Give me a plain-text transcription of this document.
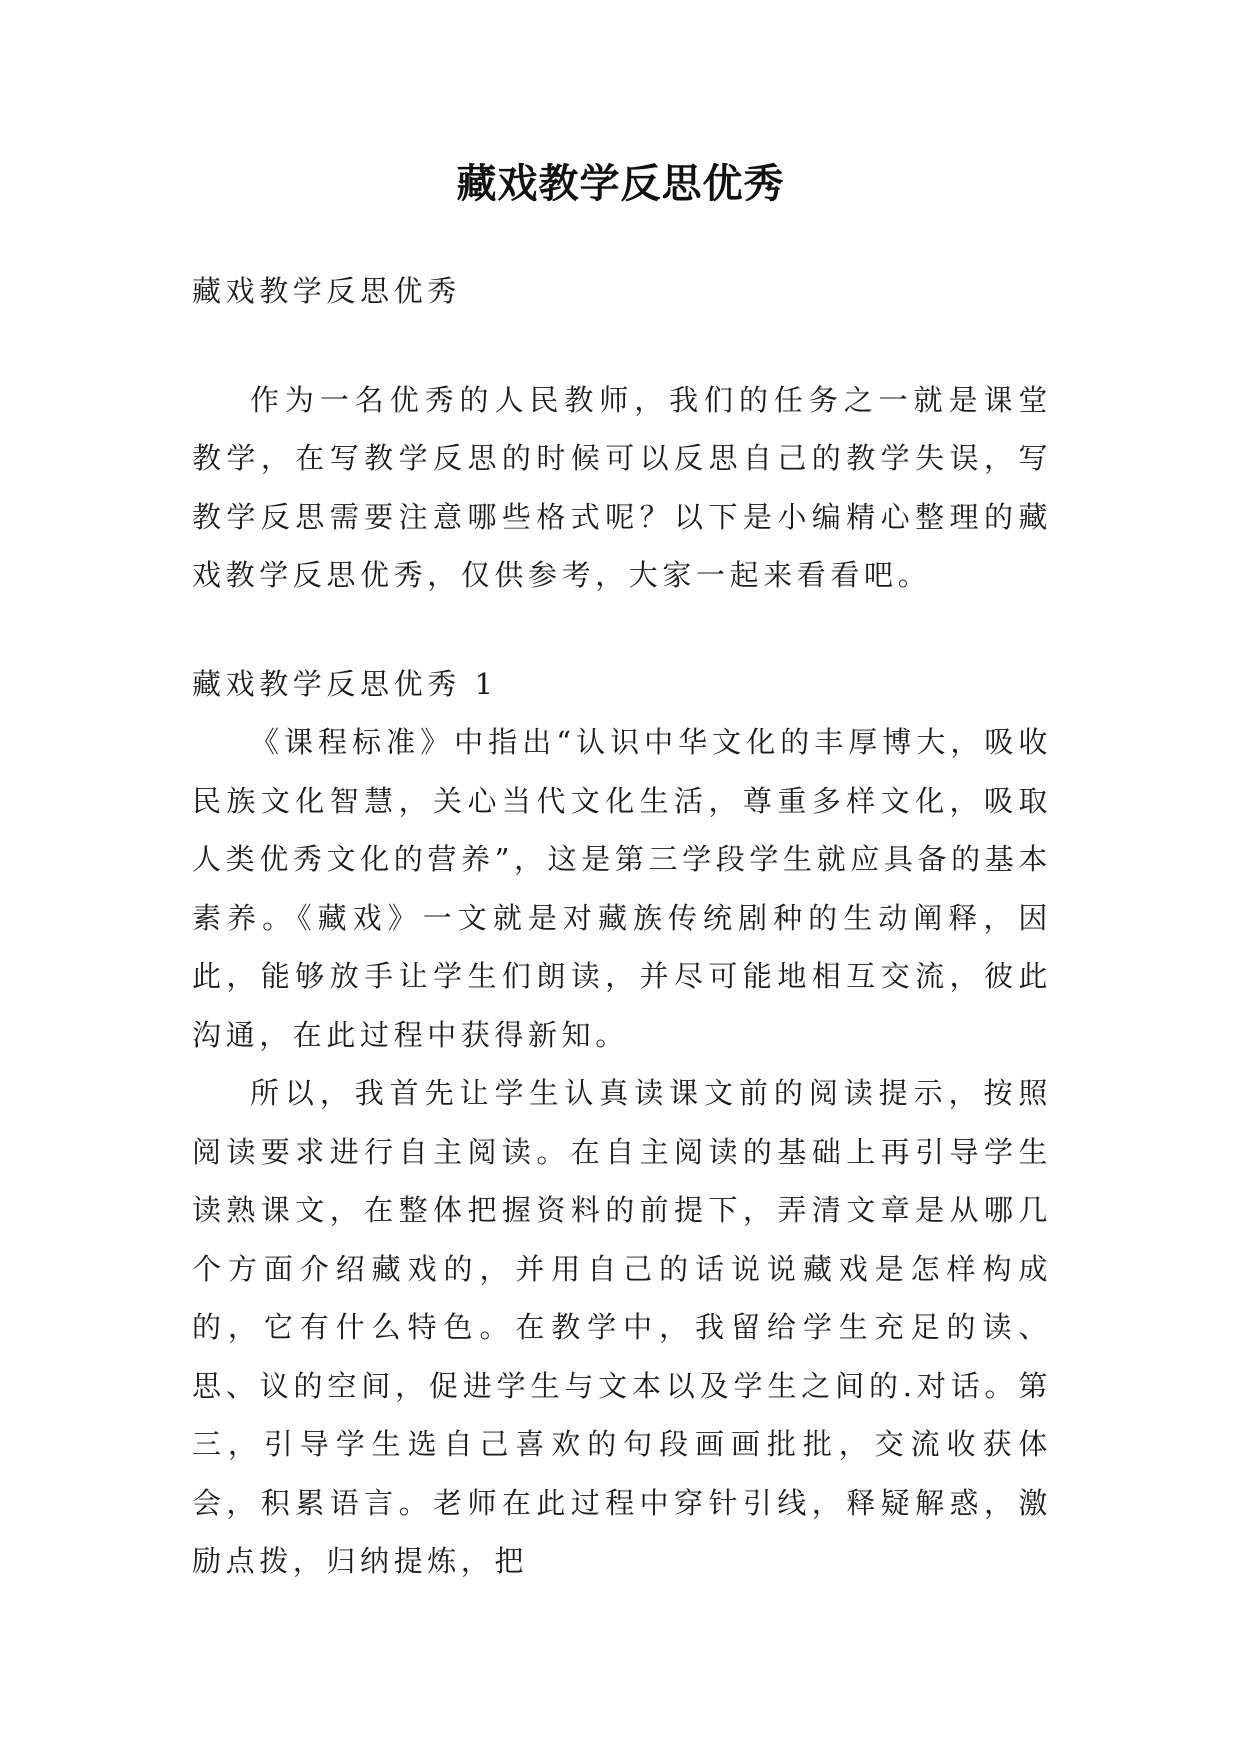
藏戏教学反思优秀

藏戏教学反思优秀

作为一名优秀的人民教师，我们的任务之一就是课堂教学，在写教学反思的时候可以反思自己的教学失误，写教学反思需要注意哪些格式呢？以下是小编精心整理的藏戏教学反思优秀，仅供参考，大家一起来看看吧。

藏戏教学反思优秀 1

《课程标准》中指出“认识中华文化的丰厚博大，吸收民族文化智慧，关心当代文化生活，尊重多样文化，吸取人类优秀文化的营养”，这是第三学段学生就应具备的基本素养。《藏戏》一文就是对藏族传统剧种的生动阐释，因此，能够放手让学生们朗读，并尽可能地相互交流，彼此沟通，在此过程中获得新知。

所以，我首先让学生认真读课文前的阅读提示，按照阅读要求进行自主阅读。在自主阅读的基础上再引导学生读熟课文，在整体把握资料的前提下，弄清文章是从哪几个方面介绍藏戏的，并用自己的话说说藏戏是怎样构成的，它有什么特色。在教学中，我留给学生充足的读、思、议的空间，促进学生与文本以及学生之间的.对话。第三，引导学生选自己喜欢的句段画画批批，交流收获体会，积累语言。老师在此过程中穿针引线，释疑解惑，激励点拨，归纳提炼，把
